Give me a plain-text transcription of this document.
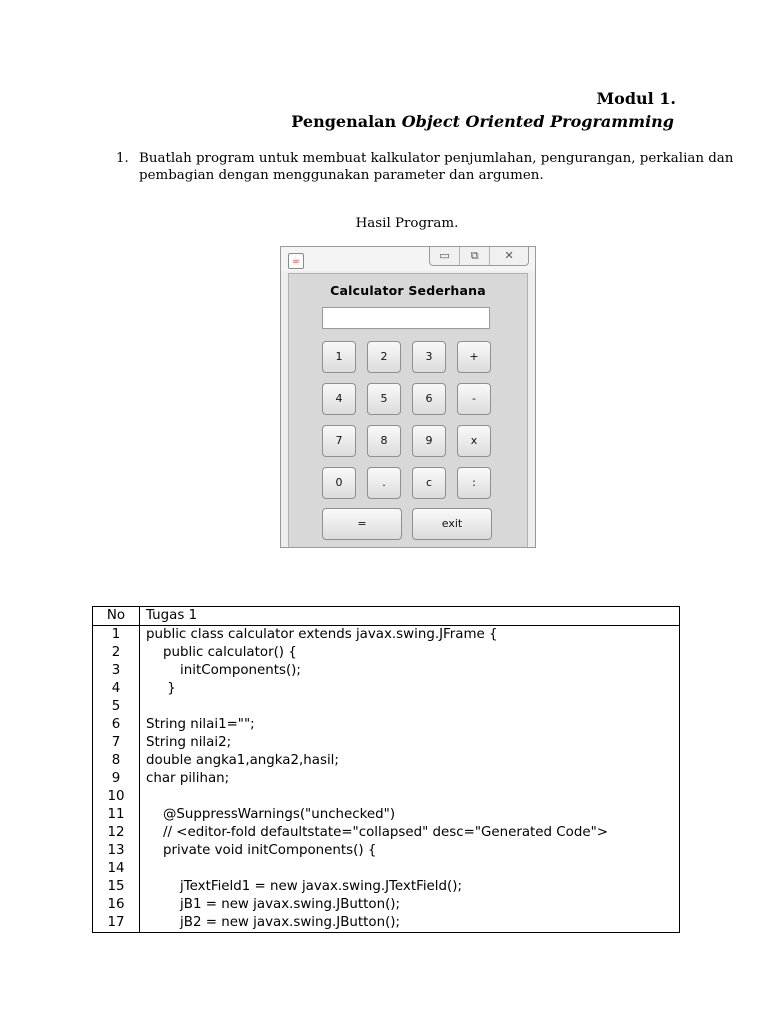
Modul 1.
Pengenalan Object Oriented Programming
1. Buatlah program untuk membuat kalkulator penjumlahan, pengurangan, perkalian dan
pembagian dengan menggunakan parameter dan argumen.
Hasil Program.
☕	▭	⧉	✕
Calculator Sederhana
1	2	3	+
4	5	6	-
7	8	9	x
0	.	c	:
=	exit
No	Tugas 1
1	public class calculator extends javax.swing.JFrame {
2	public calculator() {
3	initComponents();
4	}
5	
6	String nilai1="";
7	String nilai2;
8	double angka1,angka2,hasil;
9	char pilihan;
10	
11	@SuppressWarnings("unchecked")
12	// <editor-fold defaultstate="collapsed" desc="Generated Code">
13	private void initComponents() {
14	
15	jTextField1 = new javax.swing.JTextField();
16	jB1 = new javax.swing.JButton();
17	jB2 = new javax.swing.JButton();
